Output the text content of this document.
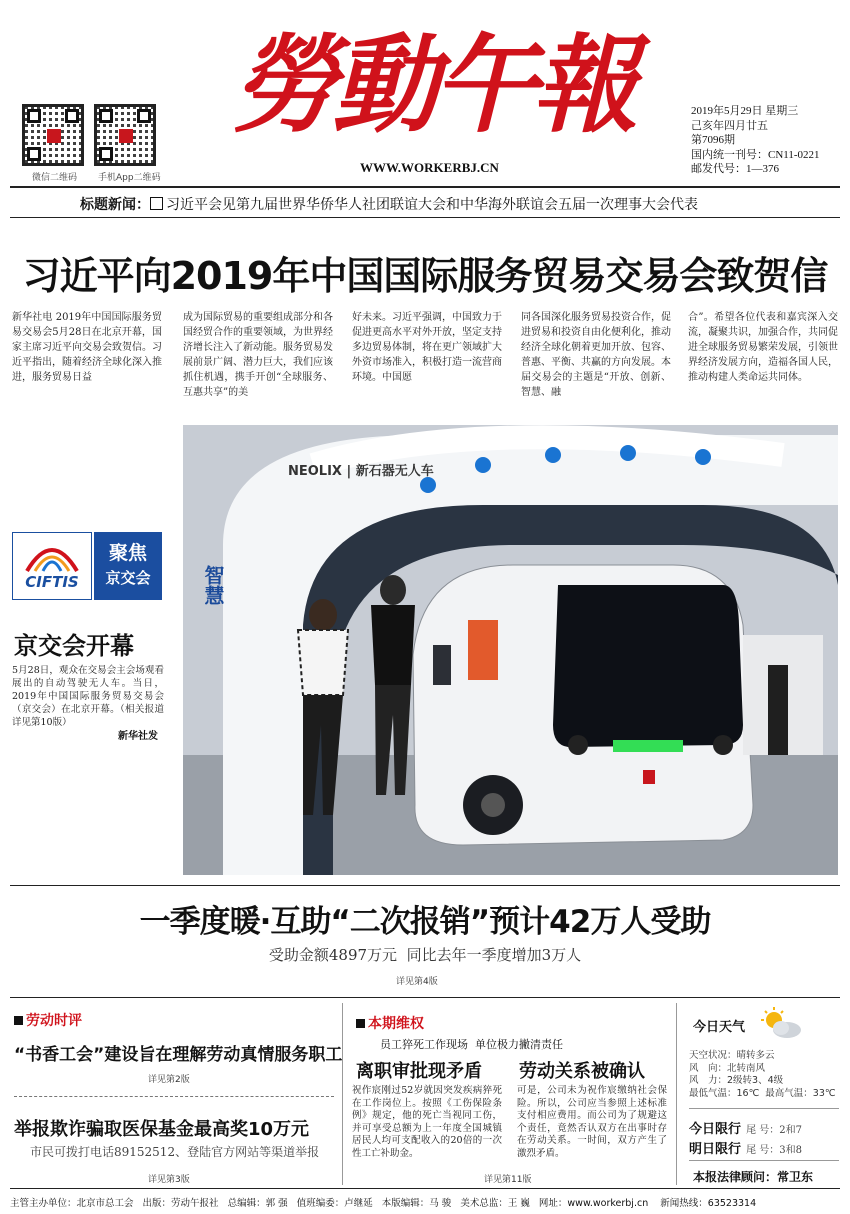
微信二维码 手机App二维码
勞動午報
WWW.WORKERBJ.CN
2019年5月29日 星期三
己亥年四月廿五
第7096期
国内统一刊号：CN11-0221
邮发代号：1—376
标题新闻： 习近平会见第九届世界华侨华人社团联谊大会和中华海外联谊会五届一次理事大会代表
习近平向2019年中国国际服务贸易交易会致贺信
新华社电 2019年中国国际服务贸易交易会5月28日在北京开幕，国家主席习近平向交易会致贺信。习近平指出，随着经济全球化深入推进，服务贸易日益
成为国际贸易的重要组成部分和各国经贸合作的重要领域，为世界经济增长注入了新动能。服务贸易发展前景广阔、潜力巨大，我们应该抓住机遇，携手开创“全球服务、互惠共享”的美
好未来。习近平强调，中国致力于促进更高水平对外开放，坚定支持多边贸易体制，将在更广领域扩大外资市场准入，积极打造一流营商环境。中国愿
同各国深化服务贸易投资合作，促进贸易和投资自由化便利化，推动经济全球化朝着更加开放、包容、普惠、平衡、共赢的方向发展。本届交易会的主题是“开放、创新、智慧、融
合”。希望各位代表和嘉宾深入交流，凝聚共识，加强合作，共同促进全球服务贸易繁荣发展，引领世界经济发展方向，造福各国人民，推动构建人类命运共同体。
NEOLIX | 新石器无人车
智慧
CIFTIS
聚焦
京交会
京交会开幕
5月28日，观众在交易会主会场观看展出的自动驾驶无人车。当日，2019年中国国际服务贸易交易会（京交会）在北京开幕。（相关报道详见第10版）
新华社发
一季度暖·互助“二次报销”预计42万人受助
受助金额4897万元  同比去年一季度增加3万人
详见第4版
劳动时评
“书香工会”建设旨在理解劳动真情服务职工
详见第2版
举报欺诈骗取医保基金最高奖10万元
市民可拨打电话89152512、登陆官方网站等渠道举报
详见第3版
本期维权
员工猝死工作现场  单位极力撇清责任
离职审批现矛盾 劳动关系被确认
祝作宸刚过52岁就因突发疾病猝死在工作岗位上。按照《工伤保险条例》规定，他的死亡当视同工伤，并可享受总额为上一年度全国城镇居民人均可支配收入的20倍的一次性工亡补助金。
可是，公司未为祝作宸缴纳社会保险。所以，公司应当参照上述标准支付相应费用。而公司为了规避这个责任，竟然否认双方在出事时存在劳动关系。一时间，双方产生了激烈矛盾。
详见第11版
今日天气
天空状况：晴转多云
风　向：北转南风
风　力：2级转3、4级
最低气温：16℃  最高气温：33℃
今日限行 尾 号：2和7
明日限行 尾 号：3和8
本报法律顾问：常卫东
主管主办单位：北京市总工会   出版：劳动午报社   总编辑：郭 强   值班编委：卢继延   本版编辑：马 骏   美术总监：王 巍   网址：www.workerbj.cn    新闻热线：63523314
